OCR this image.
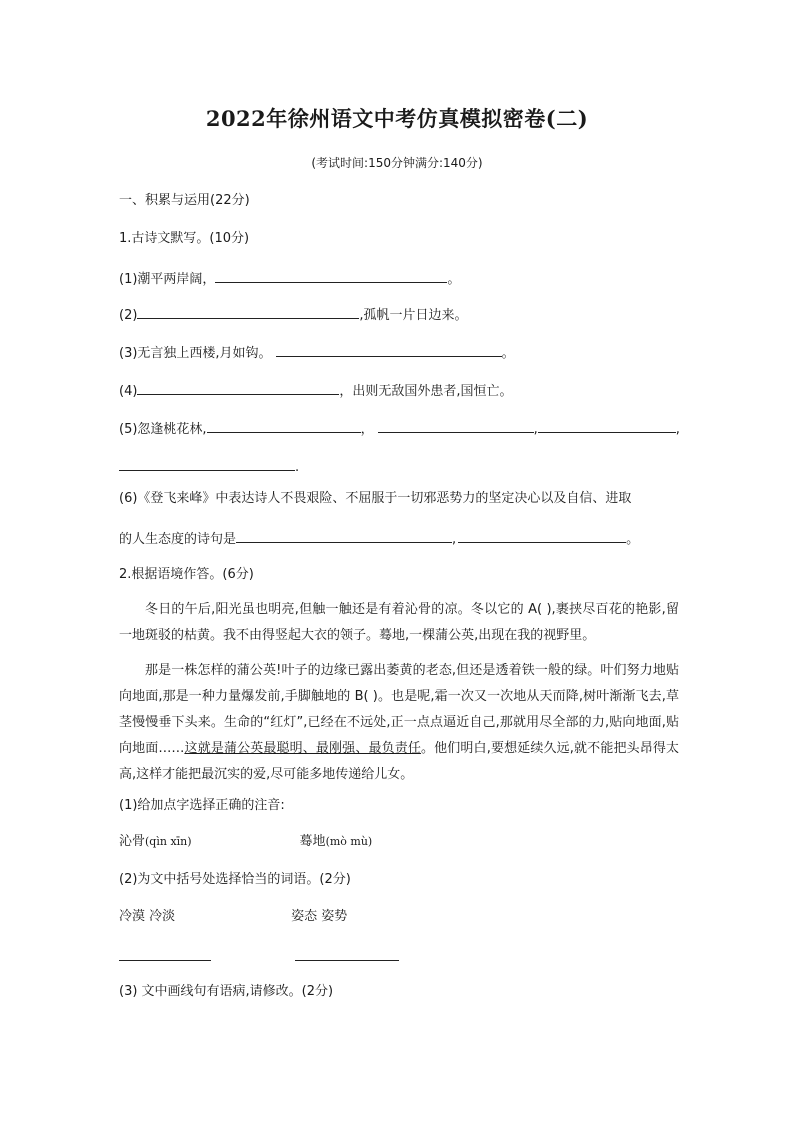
2022年徐州语文中考仿真模拟密卷(二)
(考试时间:150分钟满分:140分)
一、积累与运用(22分)
1.古诗文默写。(10分)
(1)潮平两岸阔，	。
(2)	,孤帆一片日边来。
(3)无言独上西楼,月如钩。	。
(4)	，出则无敌国外患者,国恒亡。
(5)忽逢桃花林,	，	,	,
.
(6)《登飞来峰》中表达诗人不畏艰险、不屈服于一切邪恶势力的坚定决心以及自信、进取
的人生态度的诗句是	,	。
2.根据语境作答。(6分)

冬日的午后,阳光虽也明亮,但触一触还是有着沁骨的凉。冬以它的 A( ),裹挟尽百花的艳影,留一地斑驳的枯黄。我不由得竖起大衣的领子。蓦地,一棵蒲公英,出现在我的视野里。

那是一株怎样的蒲公英!叶子的边缘已露出萎黄的老态,但还是透着铁一般的绿。叶们努力地贴向地面,那是一种力量爆发前,手脚触地的 B( )。也是呢,霜一次又一次地从天而降,树叶渐渐飞去,草茎慢慢垂下头来。生命的“红灯”,已经在不远处,正一点点逼近自己,那就用尽全部的力,贴向地面,贴向地面……这就是蒲公英最聪明、最刚强、最负责任。他们明白,要想延续久远,就不能把头昂得太高,这样才能把最沉实的爱,尽可能多地传递给儿女。

(1)给加点字选择正确的注音:
沁骨(qìn xīn)	蓦地(mò mù)
(2)为文中括号处选择恰当的词语。(2分)
冷漠 冷淡	姿态 姿势
(3) 文中画线句有语病,请修改。(2分)
